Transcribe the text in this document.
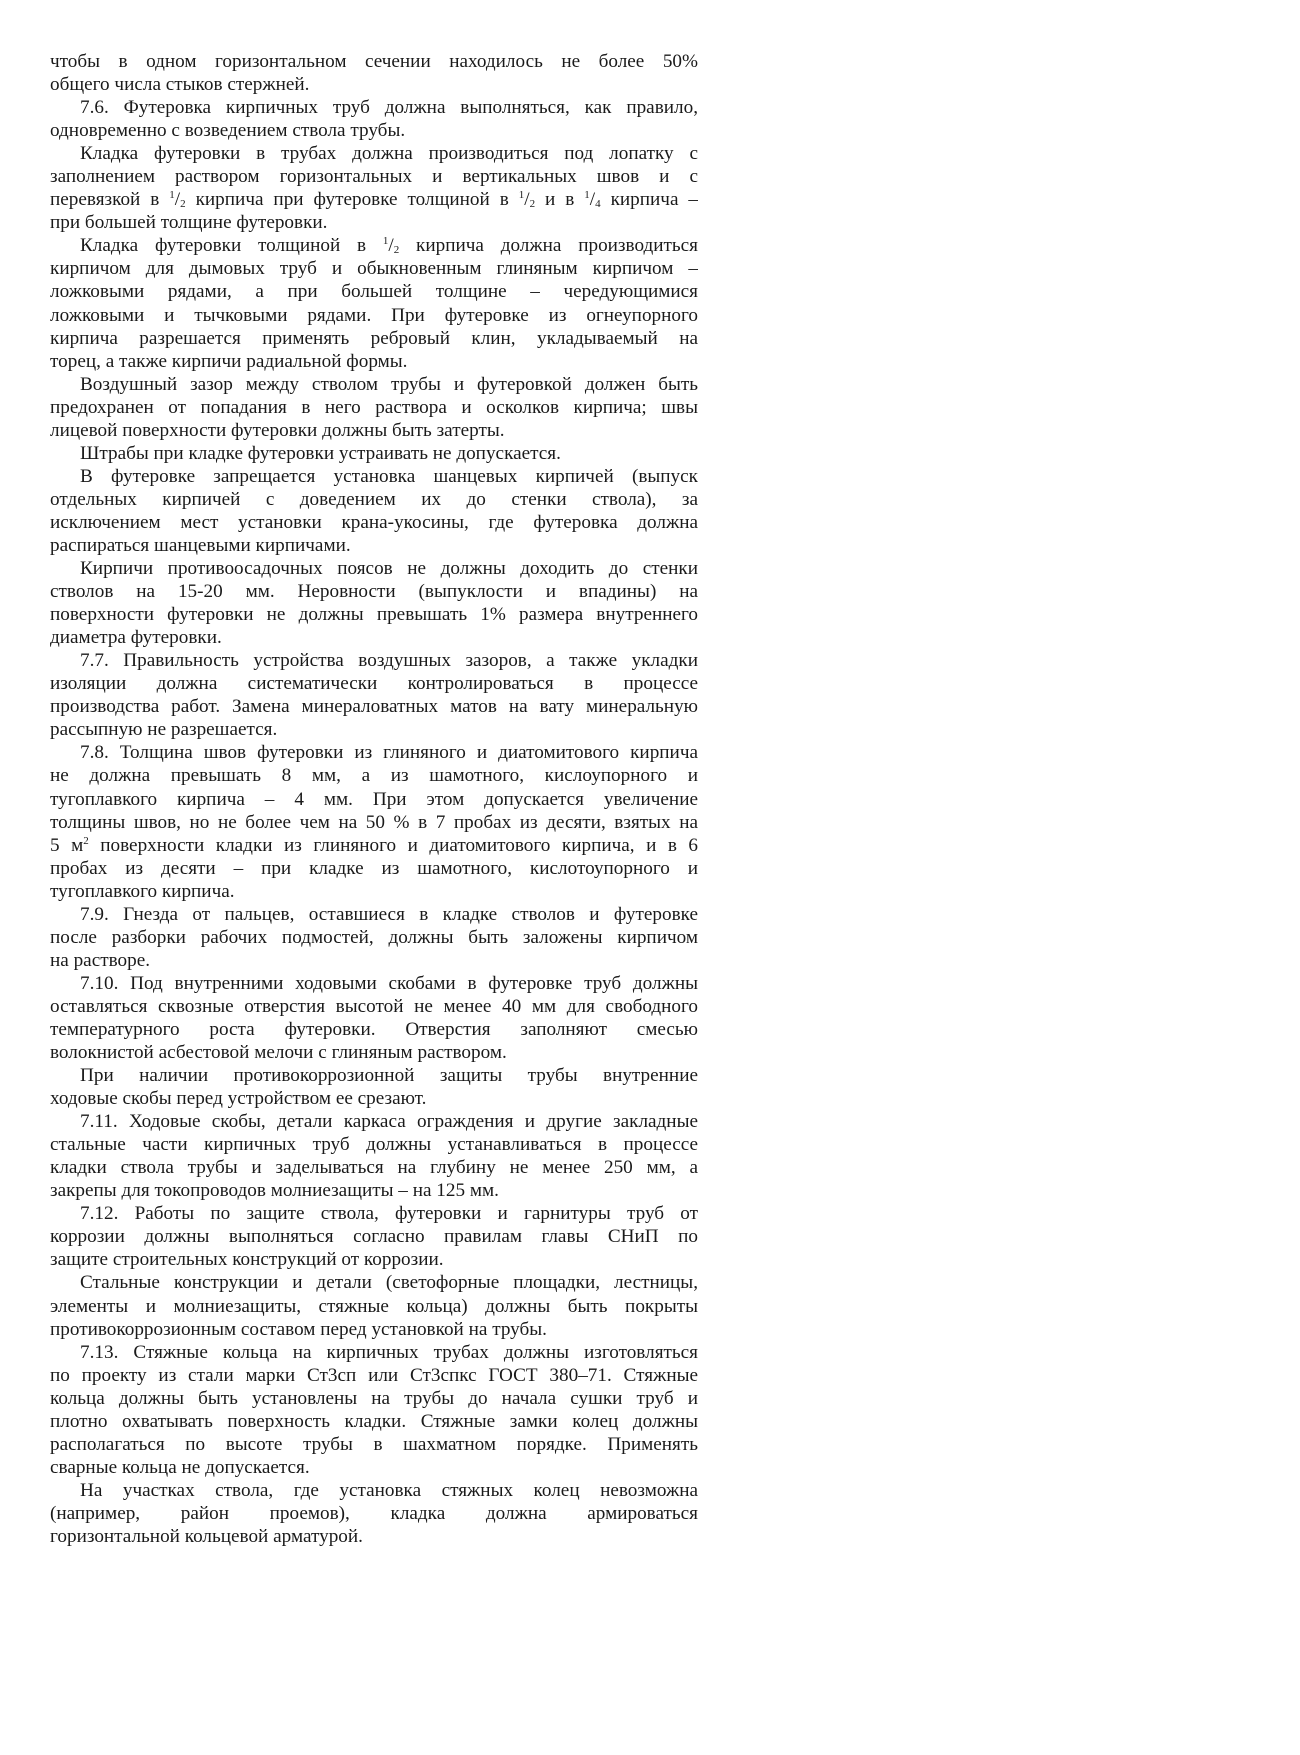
чтобы в одном горизонтальном сечении находилось не более 50%
общего числа стыков стержней.
7.6. Футеровка кирпичных труб должна выполняться, как правило,
одновременно с возведением ствола трубы.
Кладка футеровки в трубах должна производиться под лопатку с
заполнением раствором горизонтальных и вертикальных швов и с
перевязкой в $^1/_2$ кирпича при футеровке толщиной в $^1/_2$ и в $^1/_4$ кирпича –
при большей толщине футеровки.
Кладка футеровки толщиной в $^1/_2$ кирпича должна производиться
кирпичом для дымовых труб и обыкновенным глиняным кирпичом –
ложковыми рядами, а при большей толщине – чередующимися
ложковыми и тычковыми рядами. При футеровке из огнеупорного
кирпича разрешается применять ребровый клин, укладываемый на
торец, а также кирпичи радиальной формы.
Воздушный зазор между стволом трубы и футеровкой должен быть
предохранен от попадания в него раствора и осколков кирпича; швы
лицевой поверхности футеровки должны быть затерты.
Штрабы при кладке футеровки устраивать не допускается.
В футеровке запрещается установка шанцевых кирпичей (выпуск
отдельных кирпичей с доведением их до стенки ствола), за
исключением мест установки крана-укосины, где футеровка должна
распираться шанцевыми кирпичами.
Кирпичи противоосадочных поясов не должны доходить до стенки
стволов на 15-20 мм. Неровности (выпуклости и впадины) на
поверхности футеровки не должны превышать 1% размера внутреннего
диаметра футеровки.
7.7. Правильность устройства воздушных зазоров, а также укладки
изоляции должна систематически контролироваться в процессе
производства работ. Замена минераловатных матов на вату минеральную
рассыпную не разрешается.
7.8. Толщина швов футеровки из глиняного и диатомитового кирпича
не должна превышать 8 мм, а из шамотного, кислоупорного и
тугоплавкого кирпича – 4 мм. При этом допускается увеличение
толщины швов, но не более чем на 50 % в 7 пробах из десяти, взятых на
5 $м^2$ поверхности кладки из глиняного и диатомитового кирпича, и в 6
пробах из десяти – при кладке из шамотного, кислотоупорного и
тугоплавкого кирпича.
7.9. Гнезда от пальцев, оставшиеся в кладке стволов и футеровке
после разборки рабочих подмостей, должны быть заложены кирпичом
на растворе.
7.10. Под внутренними ходовыми скобами в футеровке труб должны
оставляться сквозные отверстия высотой не менее 40 мм для свободного
температурного роста футеровки. Отверстия заполняют смесью
волокнистой асбестовой мелочи с глиняным раствором.
При наличии противокоррозионной защиты трубы внутренние
ходовые скобы перед устройством ее срезают.
7.11. Ходовые скобы, детали каркаса ограждения и другие закладные
стальные части кирпичных труб должны устанавливаться в процессе
кладки ствола трубы и заделываться на глубину не менее 250 мм, а
закрепы для токопроводов молниезащиты – на 125 мм.
7.12. Работы по защите ствола, футеровки и гарнитуры труб от
коррозии должны выполняться согласно правилам главы СНиП по
защите строительных конструкций от коррозии.
Стальные конструкции и детали (светофорные площадки, лестницы,
элементы и молниезащиты, стяжные кольца) должны быть покрыты
противокоррозионным составом перед установкой на трубы.
7.13. Стяжные кольца на кирпичных трубах должны изготовляться
по проекту из стали марки Ст3сп или Ст3спкс ГОСТ 380–71. Стяжные
кольца должны быть установлены на трубы до начала сушки труб и
плотно охватывать поверхность кладки. Стяжные замки колец должны
располагаться по высоте трубы в шахматном порядке. Применять
сварные кольца не допускается.
На участках ствола, где установка стяжных колец невозможна
(например, район проемов), кладка должна армироваться
горизонтальной кольцевой арматурой.
